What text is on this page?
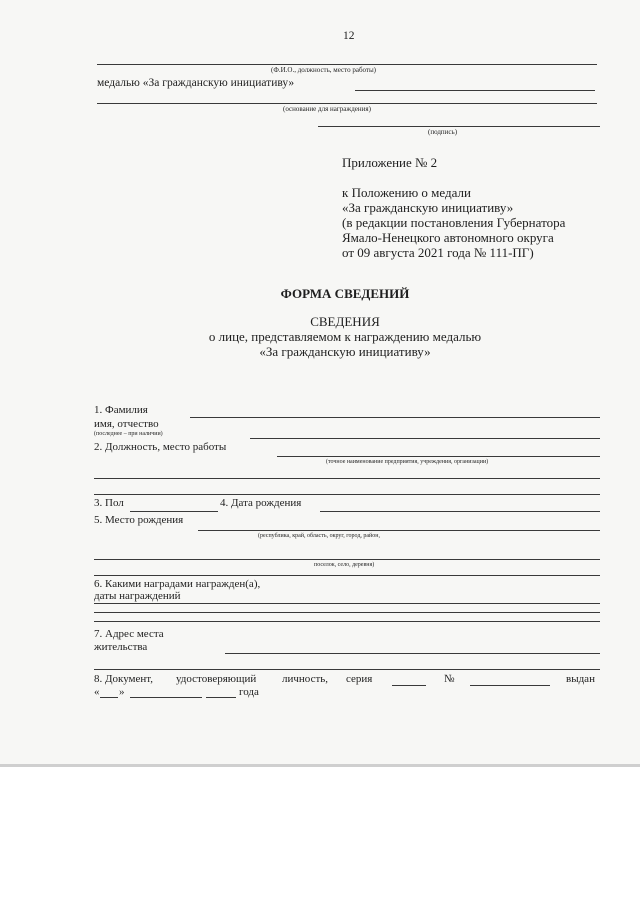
12
(Ф.И.О., должность, место работы)
медалью «За гражданскую инициативу»
(основание для награждения)
(подпись)
Приложение № 2
к Положению о медали
«За гражданскую инициативу»
(в редакции постановления Губернатора
Ямало-Ненецкого автономного округа
от 09 августа 2021 года № 111-ПГ)
ФОРМА СВЕДЕНИЙ
СВЕДЕНИЯ
о лице, представляемом к награждению медалью
«За гражданскую инициативу»
1. Фамилия
имя, отчество
(последнее – при наличии)
2. Должность, место работы
(точное наименование предприятия, учреждения, организации)
3. Пол	4. Дата рождения
5. Место рождения
(республика, край, область, округ, город, район,
поселок, село, деревня)
6. Какими наградами награжден(а),
даты награждений
7. Адрес места
жительства
8. Документ, удостоверяющий личность, серия	№	выдан
« »	года
